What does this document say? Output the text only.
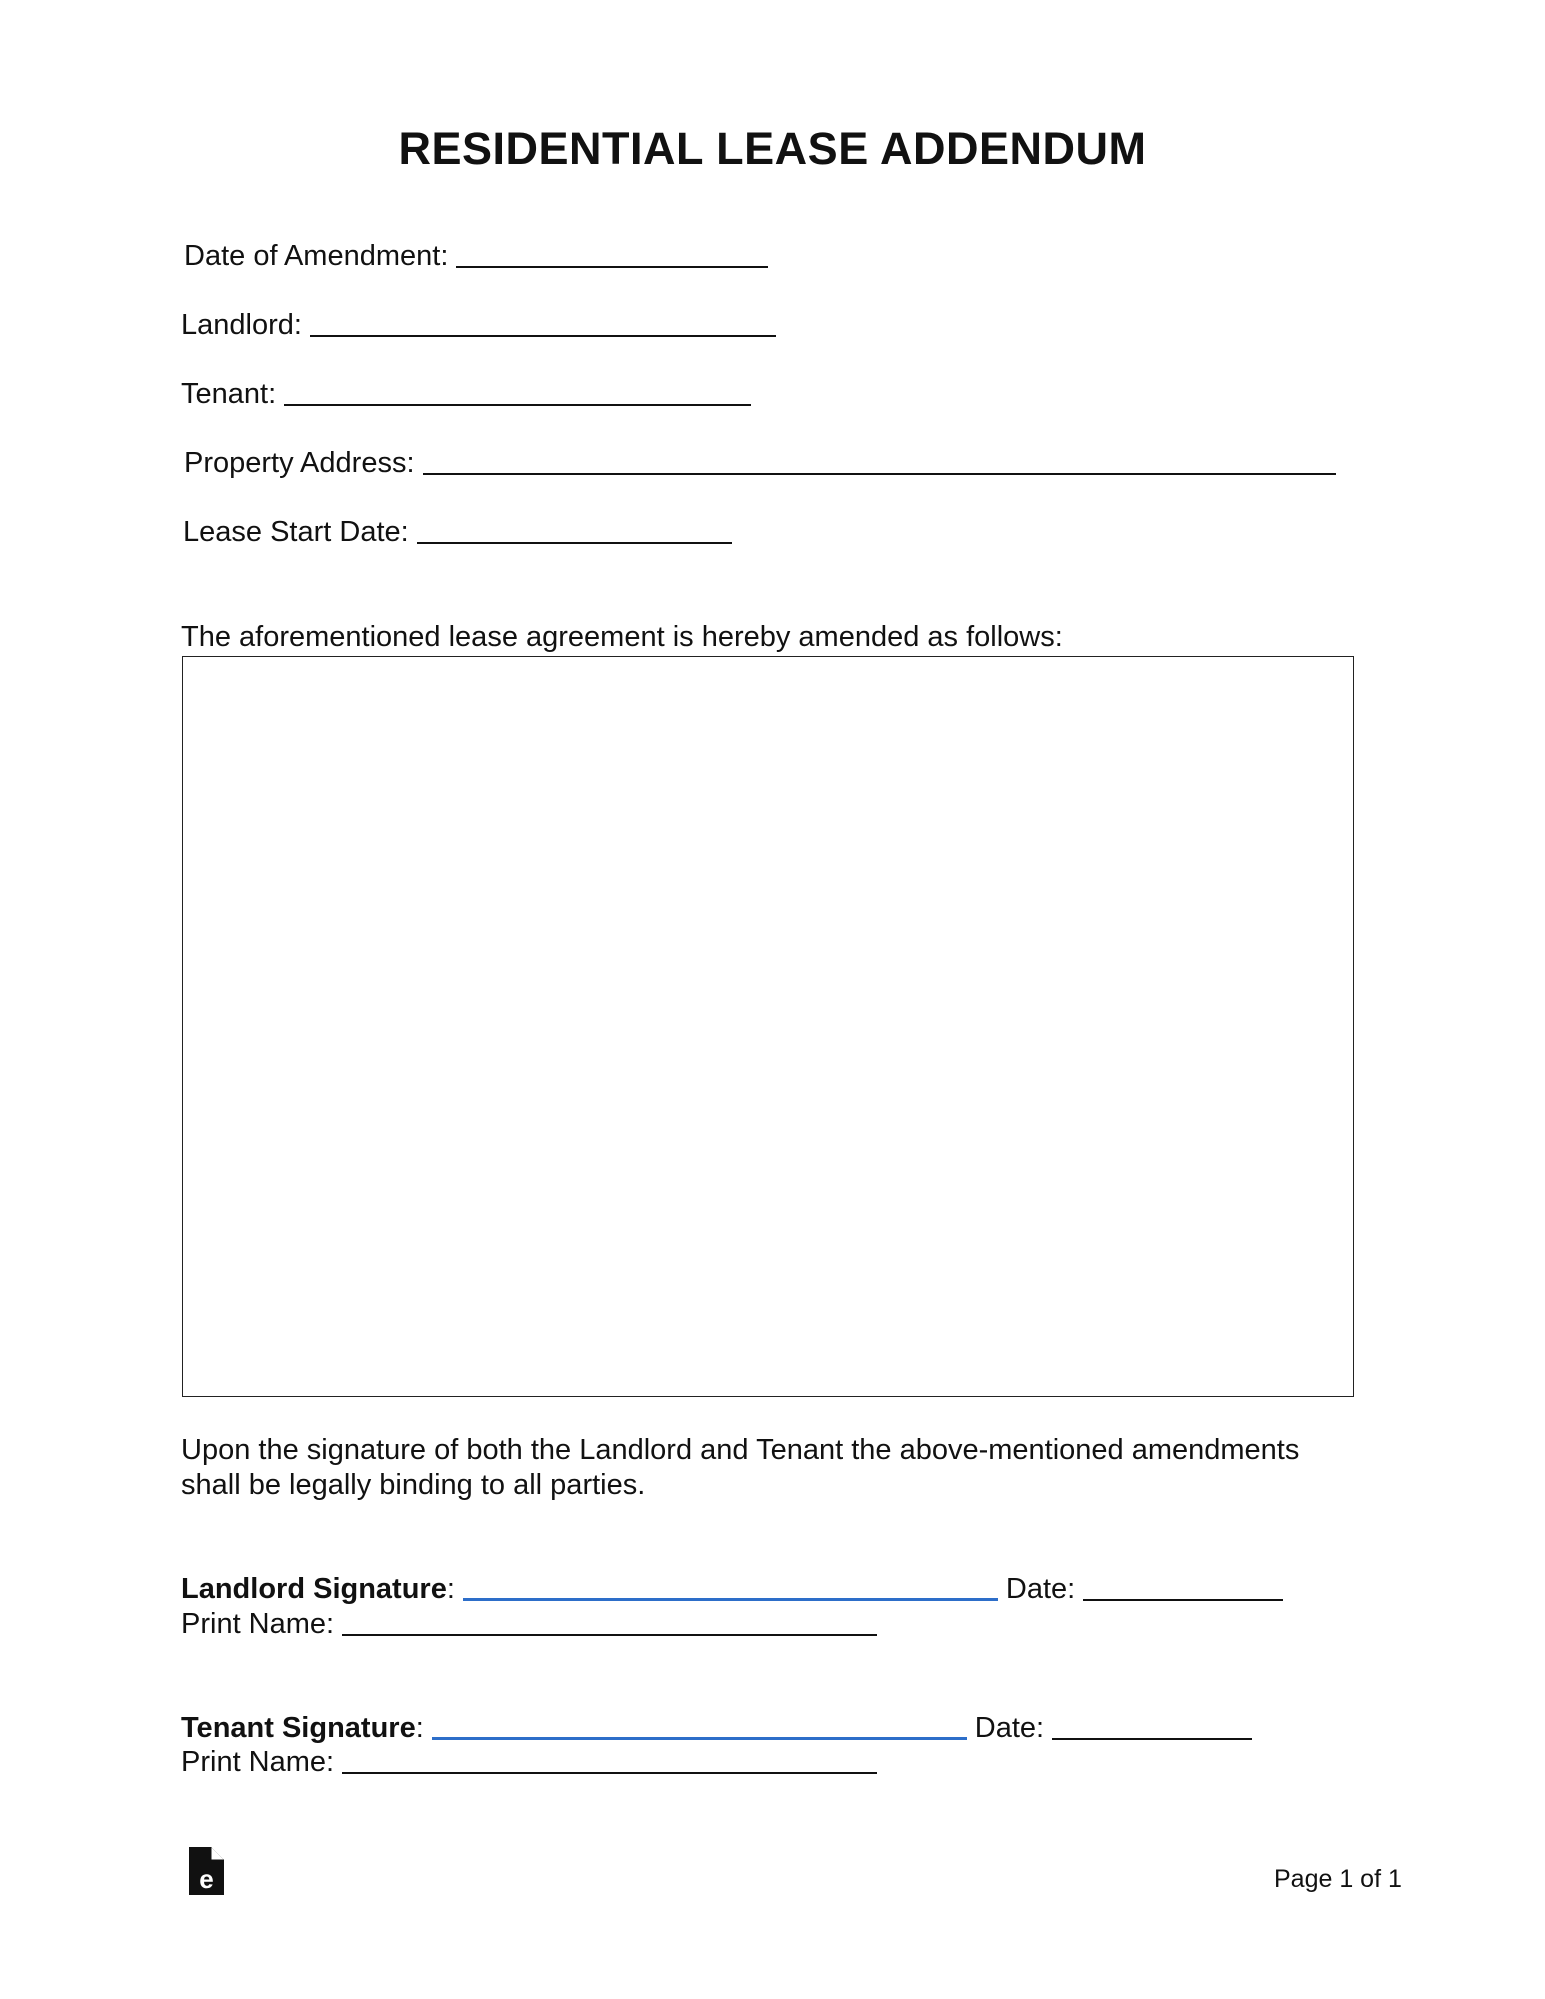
RESIDENTIAL LEASE ADDENDUM
Date of Amendment:
Landlord:
Tenant:
Property Address:
Lease Start Date:
The aforementioned lease agreement is hereby amended as follows:
Upon the signature of both the Landlord and Tenant the above-mentioned amendments shall be legally binding to all parties.
Landlord Signature:	Date:
Print Name:
Tenant Signature:	Date:
Print Name:
e	Page 1 of 1
